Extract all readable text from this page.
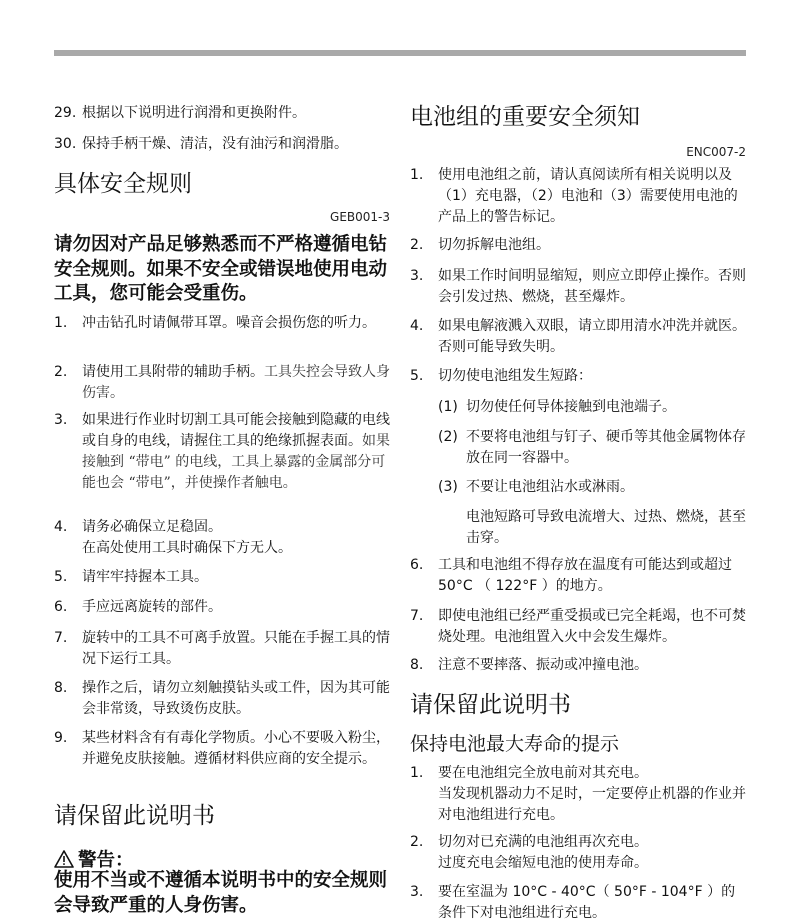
29. 根据以下说明进行润滑和更换附件。
30. 保持手柄干燥、清洁，没有油污和润滑脂。
具体安全规则
GEB001-3
请勿因对产品足够熟悉而不严格遵循电钻安全规则。如果不安全或错误地使用电动工具，您可能会受重伤。
1. 冲击钻孔时请佩带耳罩。噪音会损伤您的听力。
2. 请使用工具附带的辅助手柄。工具失控会导致人身伤害。
3. 如果进行作业时切割工具可能会接触到隐藏的电线或自身的电线，请握住工具的绝缘抓握表面。如果接触到 “带电” 的电线，工具上暴露的金属部分可能也会 “带电”，并使操作者触电。
4. 请务必确保立足稳固。
在高处使用工具时确保下方无人。
5. 请牢牢持握本工具。
6. 手应远离旋转的部件。
7. 旋转中的工具不可离手放置。只能在手握工具的情况下运行工具。
8. 操作之后，请勿立刻触摸钻头或工件，因为其可能会非常烫，导致烫伤皮肤。
9. 某些材料含有有毒化学物质。小心不要吸入粉尘，并避免皮肤接触。遵循材料供应商的安全提示。
请保留此说明书
警告：
使用不当或不遵循本说明书中的安全规则会导致严重的人身伤害。
电池组的重要安全须知
ENC007-2
1. 使用电池组之前，请认真阅读所有相关说明以及（1）充电器，（2）电池和（3）需要使用电池的产品上的警告标记。
2. 切勿拆解电池组。
3. 如果工作时间明显缩短，则应立即停止操作。否则会引发过热、燃烧，甚至爆炸。
4. 如果电解液溅入双眼，请立即用清水冲洗并就医。否则可能导致失明。
5. 切勿使电池组发生短路：
(1) 切勿使任何导体接触到电池端子。
(2) 不要将电池组与钉子、硬币等其他金属物体存放在同一容器中。
(3) 不要让电池组沾水或淋雨。
电池短路可导致电流增大、过热、燃烧，甚至击穿。
6. 工具和电池组不得存放在温度有可能达到或超过 50°C （ 122°F ）的地方。
7. 即使电池组已经严重受损或已完全耗竭，也不可焚烧处理。电池组置入火中会发生爆炸。
8. 注意不要摔落、振动或冲撞电池。
请保留此说明书
保持电池最大寿命的提示
1. 要在电池组完全放电前对其充电。
当发现机器动力不足时，一定要停止机器的作业并对电池组进行充电。
2. 切勿对已充满的电池组再次充电。
过度充电会缩短电池的使用寿命。
3. 要在室温为 10°C - 40°C（ 50°F - 104°F ）的条件下对电池组进行充电。
